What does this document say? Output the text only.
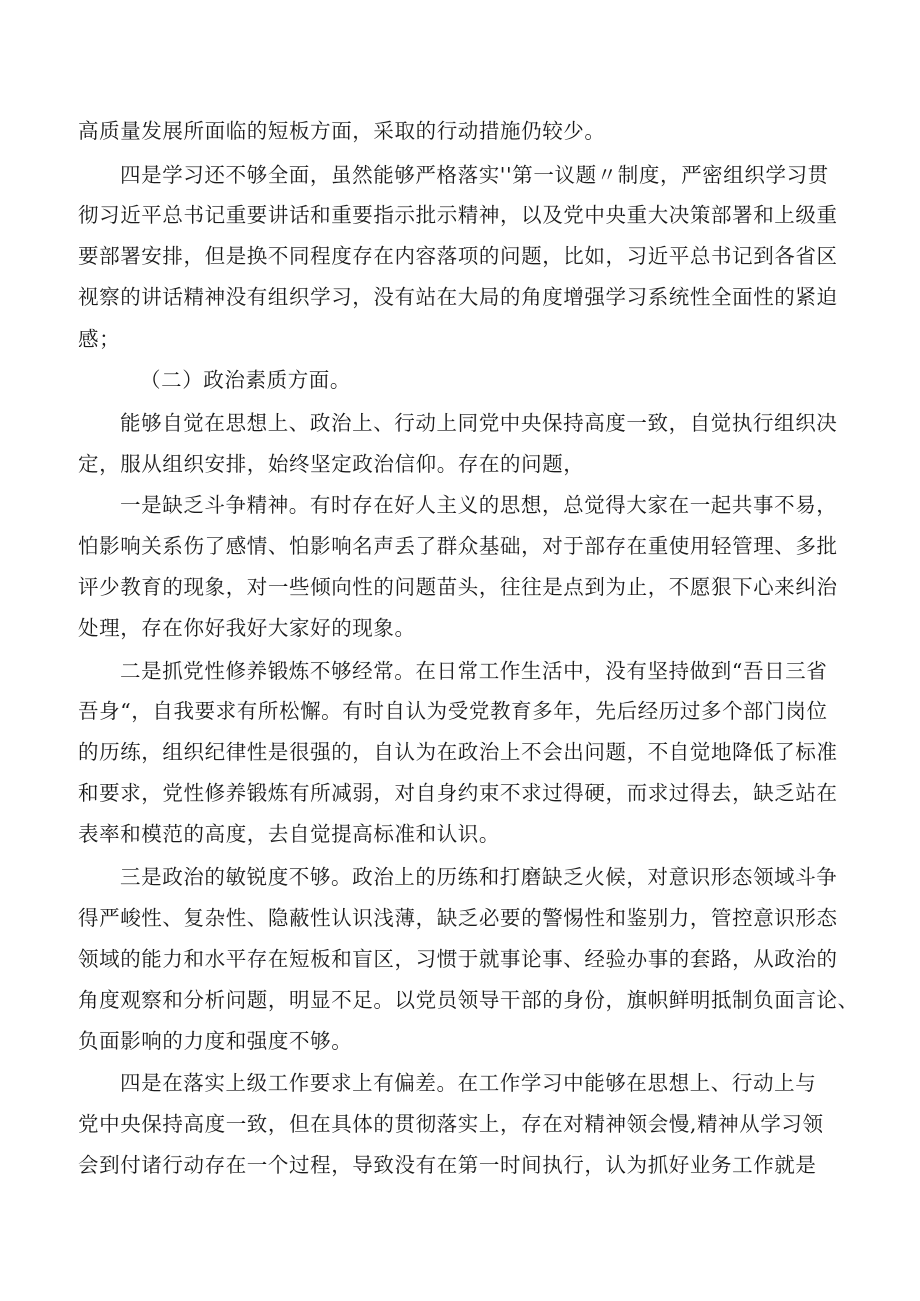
高质量发展所面临的短板方面，采取的行动措施仍较少。
四是学习还不够全面，虽然能够严格落实''第一议题〃制度，严密组织学习贯
彻习近平总书记重要讲话和重要指示批示精神，以及党中央重大决策部署和上级重
要部署安排，但是换不同程度存在内容落项的问题，比如，习近平总书记到各省区
视察的讲话精神没有组织学习，没有站在大局的角度增强学习系统性全面性的紧迫
感；
（二）政治素质方面。
能够自觉在思想上、政治上、行动上同党中央保持高度一致，自觉执行组织决
定，服从组织安排，始终坚定政治信仰。存在的问题，
一是缺乏斗争精神。有时存在好人主义的思想，总觉得大家在一起共事不易，
怕影响关系伤了感情、怕影响名声丢了群众基础，对于部存在重使用轻管理、多批
评少教育的现象，对一些倾向性的问题苗头，往往是点到为止，不愿狠下心来纠治
处理，存在你好我好大家好的现象。
二是抓党性修养锻炼不够经常。在日常工作生活中，没有坚持做到“吾日三省
吾身“，自我要求有所松懈。有时自认为受党教育多年，先后经历过多个部门岗位
的历练，组织纪律性是很强的，自认为在政治上不会出问题，不自觉地降低了标准
和要求，党性修养锻炼有所减弱，对自身约束不求过得硬，而求过得去，缺乏站在
表率和模范的高度，去自觉提高标准和认识。
三是政治的敏锐度不够。政治上的历练和打磨缺乏火候，对意识形态领域斗争
得严峻性、复杂性、隐蔽性认识浅薄，缺乏必要的警惕性和鉴别力，管控意识形态
领域的能力和水平存在短板和盲区，习惯于就事论事、经验办事的套路，从政治的
角度观察和分析问题，明显不足。以党员领导干部的身份，旗帜鲜明抵制负面言论、
负面影响的力度和强度不够。
四是在落实上级工作要求上有偏差。在工作学习中能够在思想上、行动上与
党中央保持高度一致，但在具体的贯彻落实上，存在对精神领会慢,精神从学习领
会到付诸行动存在一个过程，导致没有在第一时间执行，认为抓好业务工作就是
